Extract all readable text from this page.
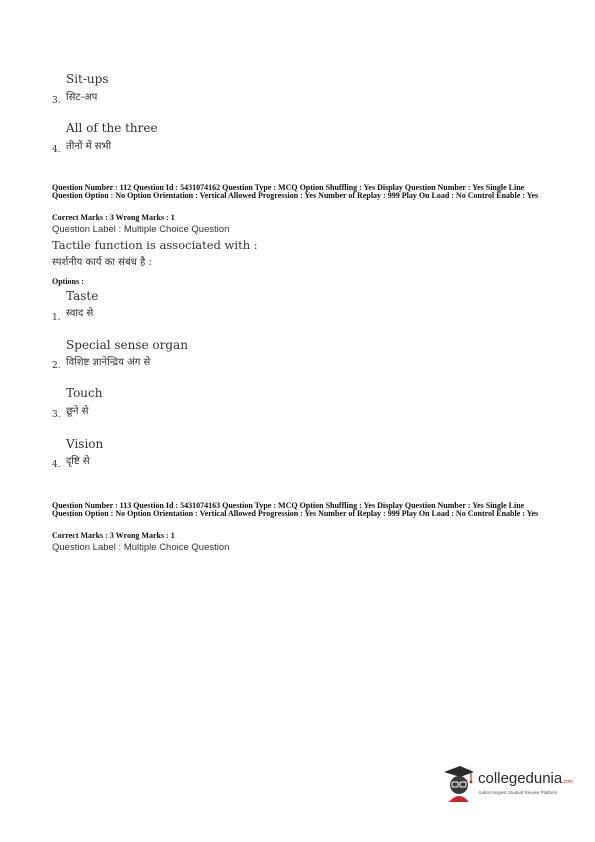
Sit-ups
3. सिट-अप
All of the three
4. तीनों में सभी
Question Number : 112 Question Id : 5431074162 Question Type : MCQ Option Shuffling : Yes Display Question Number : Yes Single Line Question Option : No Option Orientation : Vertical Allowed Progression : Yes Number of Replay : 999 Play On Load : No Control Enable : Yes
Correct Marks : 3 Wrong Marks : 1
Question Label : Multiple Choice Question
Tactile function is associated with :
स्पर्शनीय कार्य का संबंध है :
Options :
Taste
1. स्वाद से
Special sense organ
2. विशिष्ट ज्ञानेन्द्रिय अंग से
Touch
3. छूने से
Vision
4. दृष्टि से
Question Number : 113 Question Id : 5431074163 Question Type : MCQ Option Shuffling : Yes Display Question Number : Yes Single Line Question Option : No Option Orientation : Vertical Allowed Progression : Yes Number of Replay : 999 Play On Load : No Control Enable : Yes
Correct Marks : 3 Wrong Marks : 1
Question Label : Multiple Choice Question
collegedunia.com
India's largest Student Review Platform
